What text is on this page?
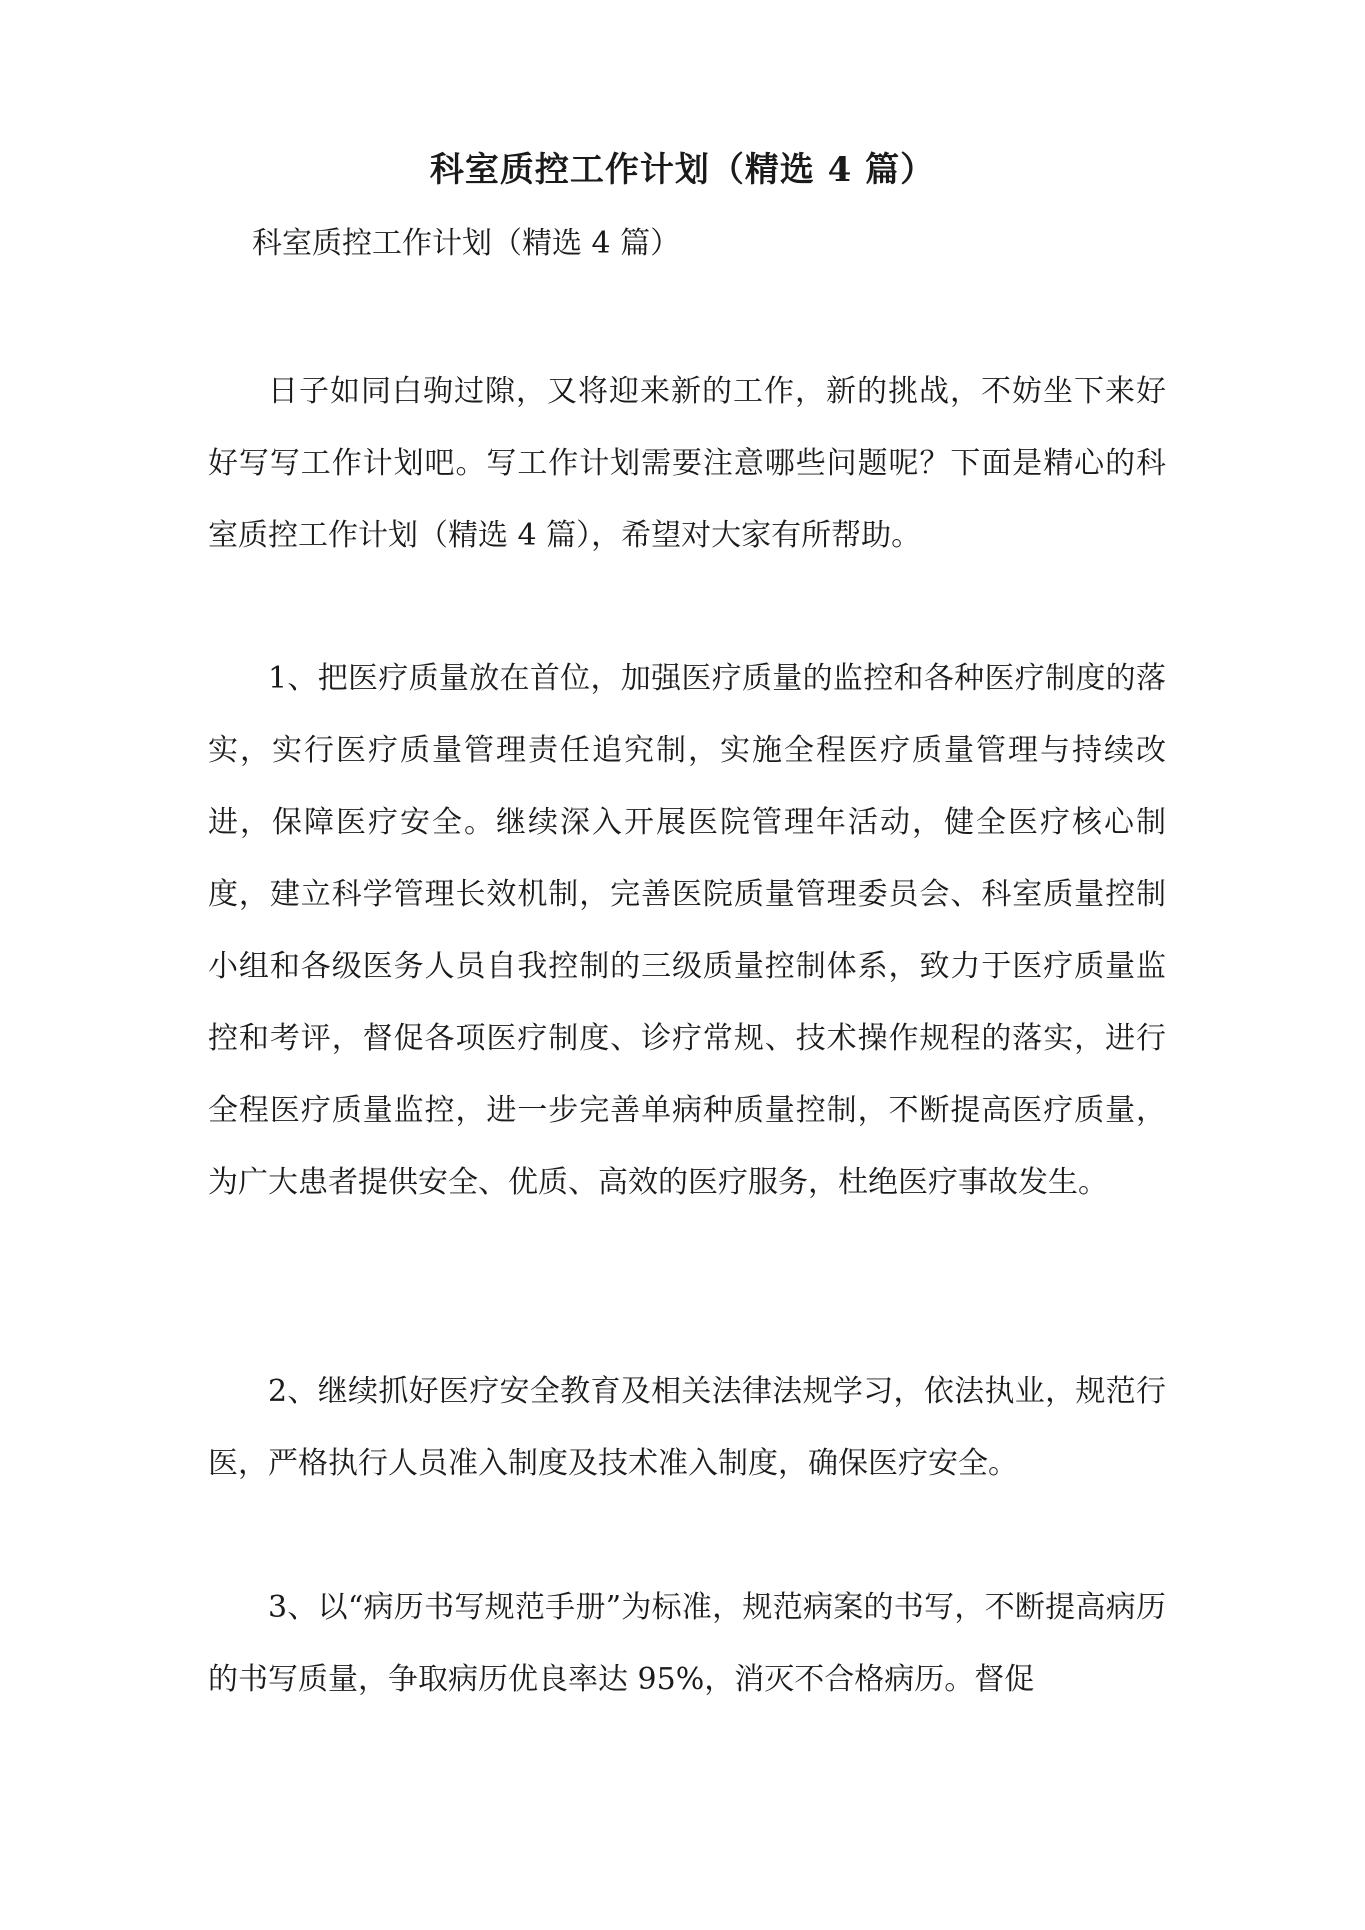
科室质控工作计划（精选 4 篇）
科室质控工作计划（精选 4 篇）

日子如同白驹过隙，又将迎来新的工作，新的挑战，不妨坐下来好好写写工作计划吧。写工作计划需要注意哪些问题呢？下面是精心的科室质控工作计划（精选 4 篇），希望对大家有所帮助。

1、把医疗质量放在首位，加强医疗质量的监控和各种医疗制度的落实，实行医疗质量管理责任追究制，实施全程医疗质量管理与持续改进，保障医疗安全。继续深入开展医院管理年活动，健全医疗核心制度，建立科学管理长效机制，完善医院质量管理委员会、科室质量控制小组和各级医务人员自我控制的三级质量控制体系，致力于医疗质量监控和考评，督促各项医疗制度、诊疗常规、技术操作规程的落实，进行全程医疗质量监控，进一步完善单病种质量控制，不断提高医疗质量，为广大患者提供安全、优质、高效的医疗服务，杜绝医疗事故发生。

2、继续抓好医疗安全教育及相关法律法规学习，依法执业，规范行医，严格执行人员准入制度及技术准入制度，确保医疗安全。

3、以“病历书写规范手册”为标准，规范病案的书写，不断提高病历的书写质量，争取病历优良率达 95%，消灭不合格病历。督促
